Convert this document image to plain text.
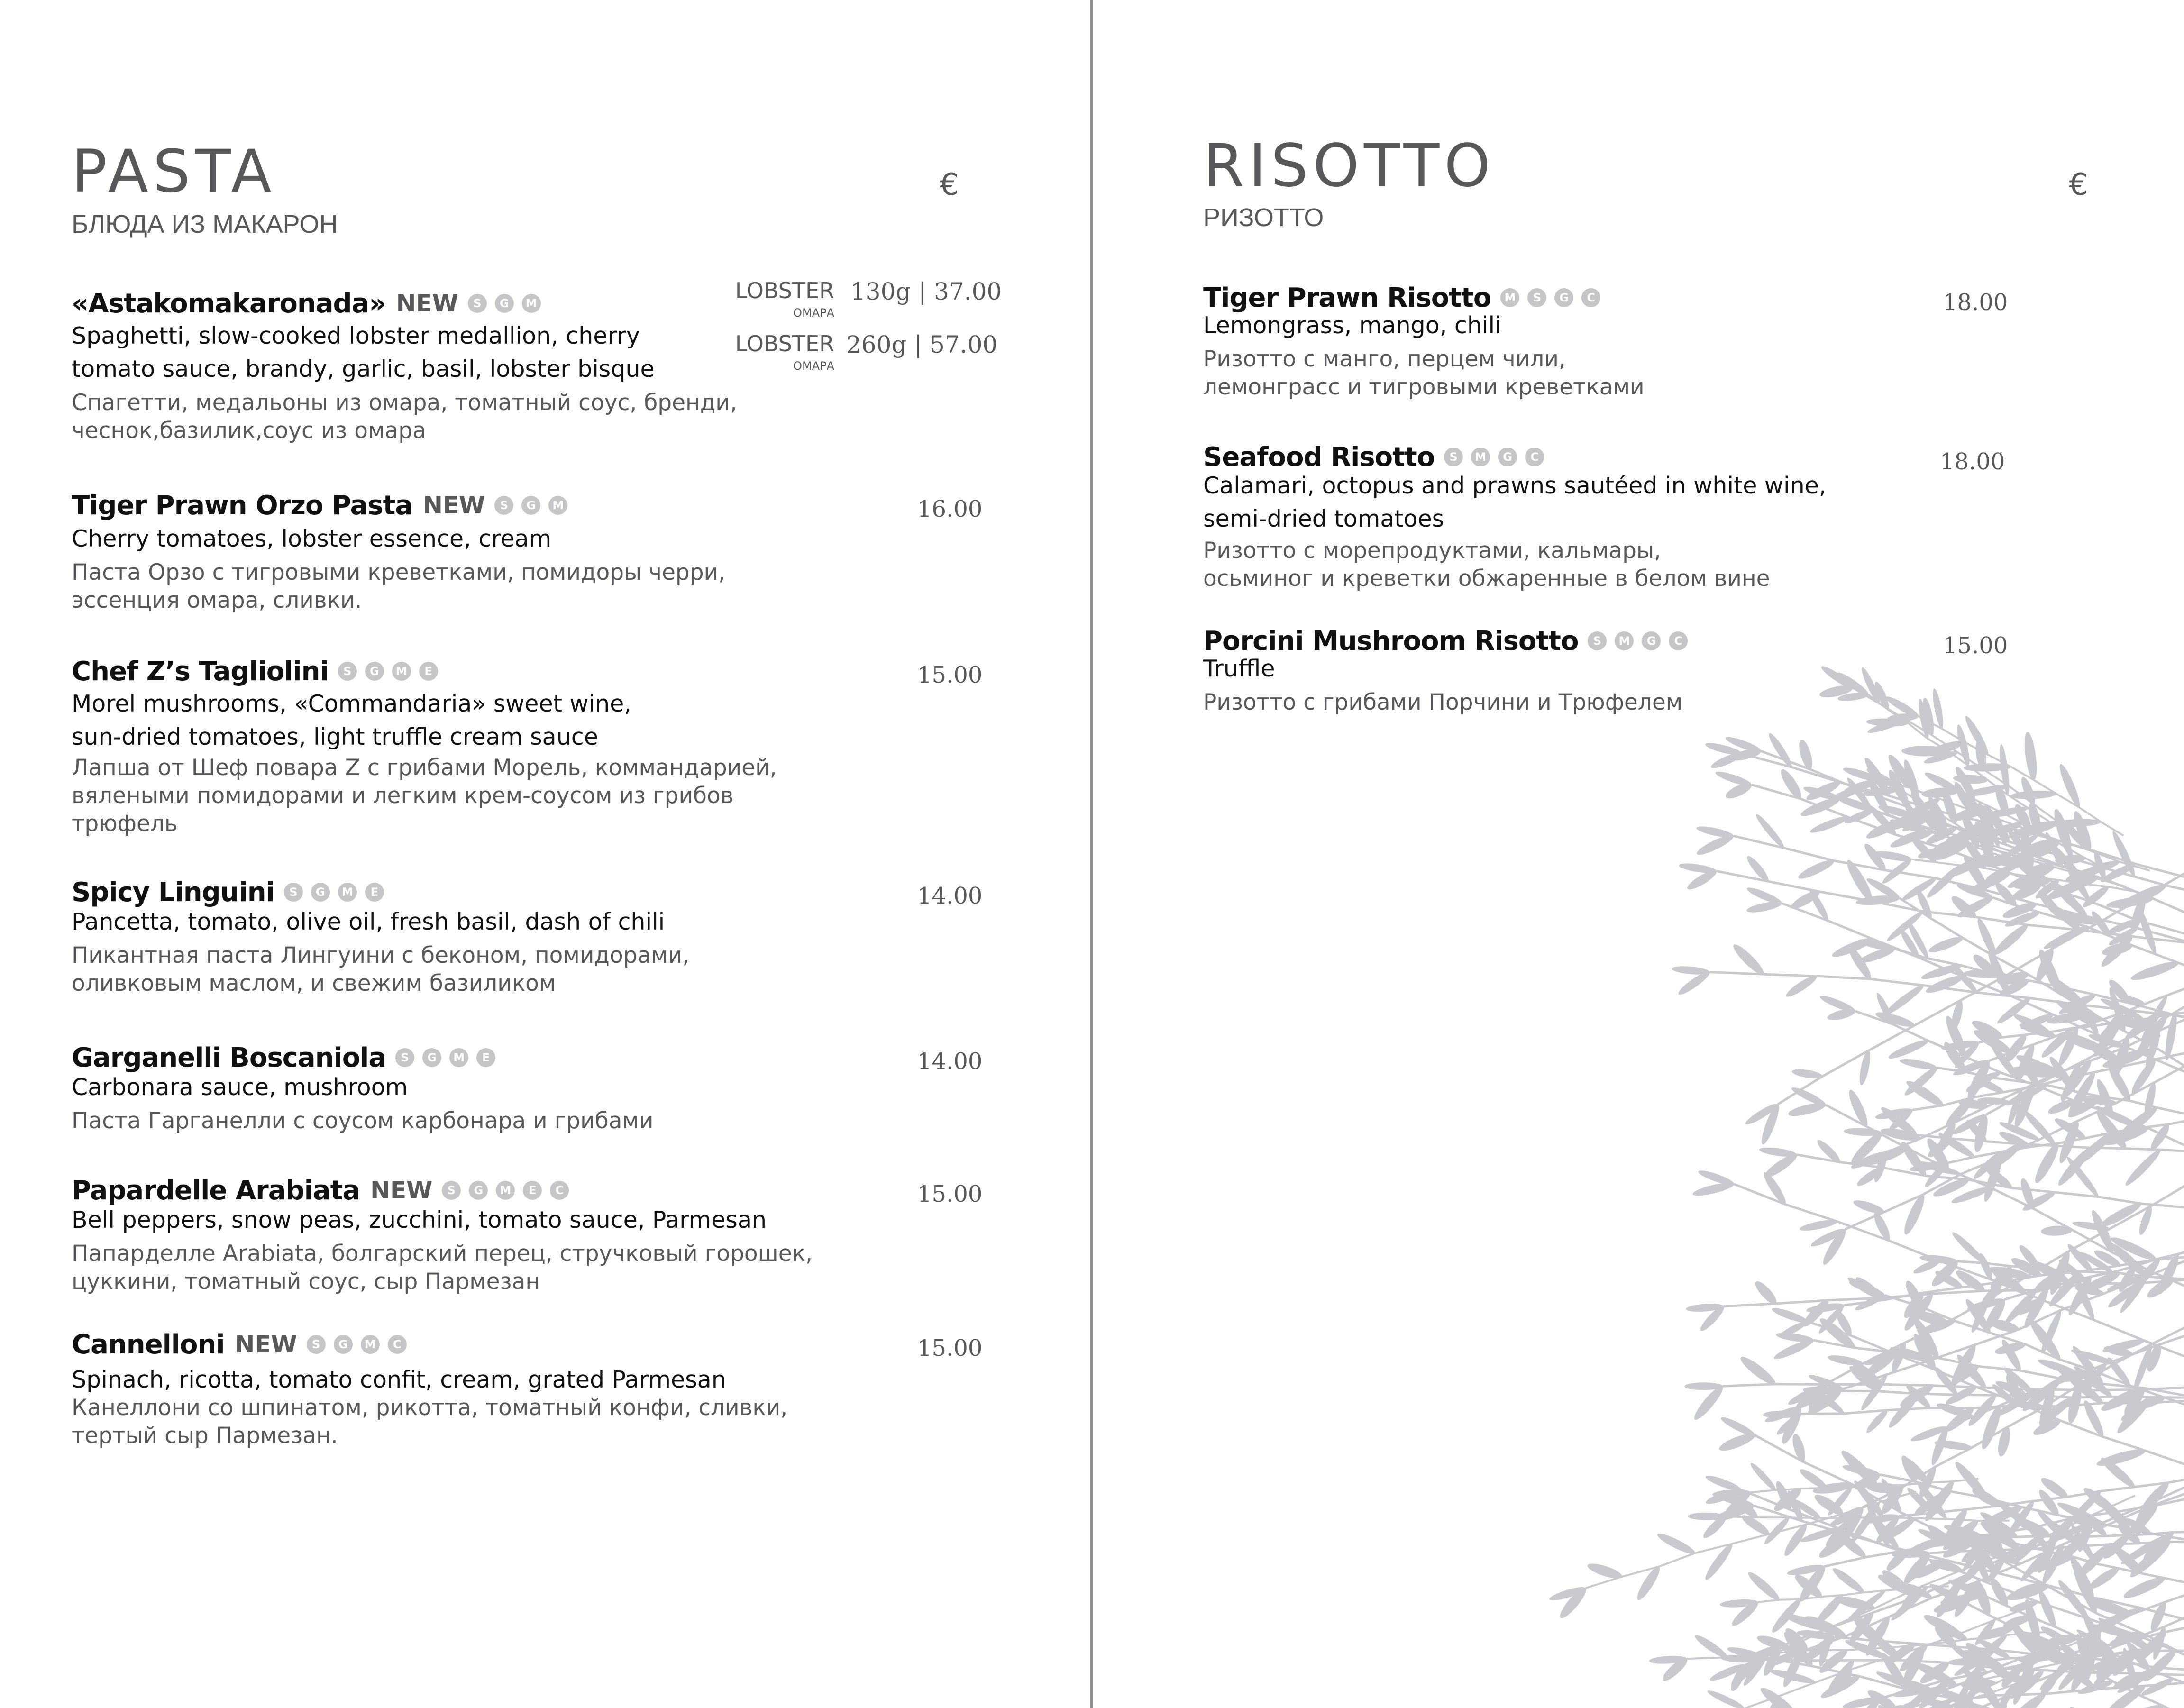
PASTA
БЛЮДА ИЗ МАКАРОН
€
«Astakomakaronada» NEW	S	G	M
Spaghetti, slow-cooked lobster medallion, cherry
tomato sauce, brandy, garlic, basil, lobster bisque
Спагетти, медальоны из омара, томатный соус, бренди,
чеснок,базилик,соус из омара
LOBSTER
ОМАРА
130g | 37.00
LOBSTER
ОМАРА
260g | 57.00
Tiger Prawn Orzo Pasta NEW	S	G	M
Cherry tomatoes, lobster essence, cream
Паста Орзо с тигровыми креветками, помидоры черри,
эссенция омара, сливки.
16.00
Chef Z’s Tagliolini	S	G	M	E
Morel mushrooms, «Commandaria» sweet wine,
sun-dried tomatoes, light truffle cream sauce
Лапша от Шеф повара Z с грибами Морель, коммандарией,
вялеными помидорами и легким крем-соусом из грибов
трюфель
15.00
Spicy Linguini	S	G	M	E
Pancetta, tomato, olive oil, fresh basil, dash of chili
Пикантная паста Лингуини с беконом, помидорами,
оливковым маслом, и свежим базиликом
14.00
Garganelli Boscaniola	S	G	M	E
Carbonara sauce, mushroom
Паста Гарганелли с соусом карбонара и грибами
14.00
Papardelle Arabiata NEW	S	G	M	E	C
Bell peppers, snow peas, zucchini, tomato sauce, Parmesan
Папарделле Arabiata, болгарский перец, стручковый горошек,
цуккини, томатный соус, сыр Пармезан
15.00
Cannelloni NEW	S	G	M	C
Spinach, ricotta, tomato confit, cream, grated Parmesan
Канеллони со шпинатом, рикотта, томатный конфи, сливки,
тертый сыр Пармезан.
15.00
RISOTTO
РИЗОТТО
€
Tiger Prawn Risotto	M	S	G	C
Lemongrass, mango, chili
Ризотто с манго, перцем чили,
лемонграсс и тигровыми креветками
18.00
Seafood Risotto	S	M	G	C
Calamari, octopus and prawns sautéed in white wine,
semi-dried tomatoes
Ризотто с морепродуктами, кальмары,
осьминог и креветки обжаренные в белом вине
18.00
Porcini Mushroom Risotto	S	M	G	C
Truffle
Ризотто с грибами Порчини и Трюфелем
15.00
